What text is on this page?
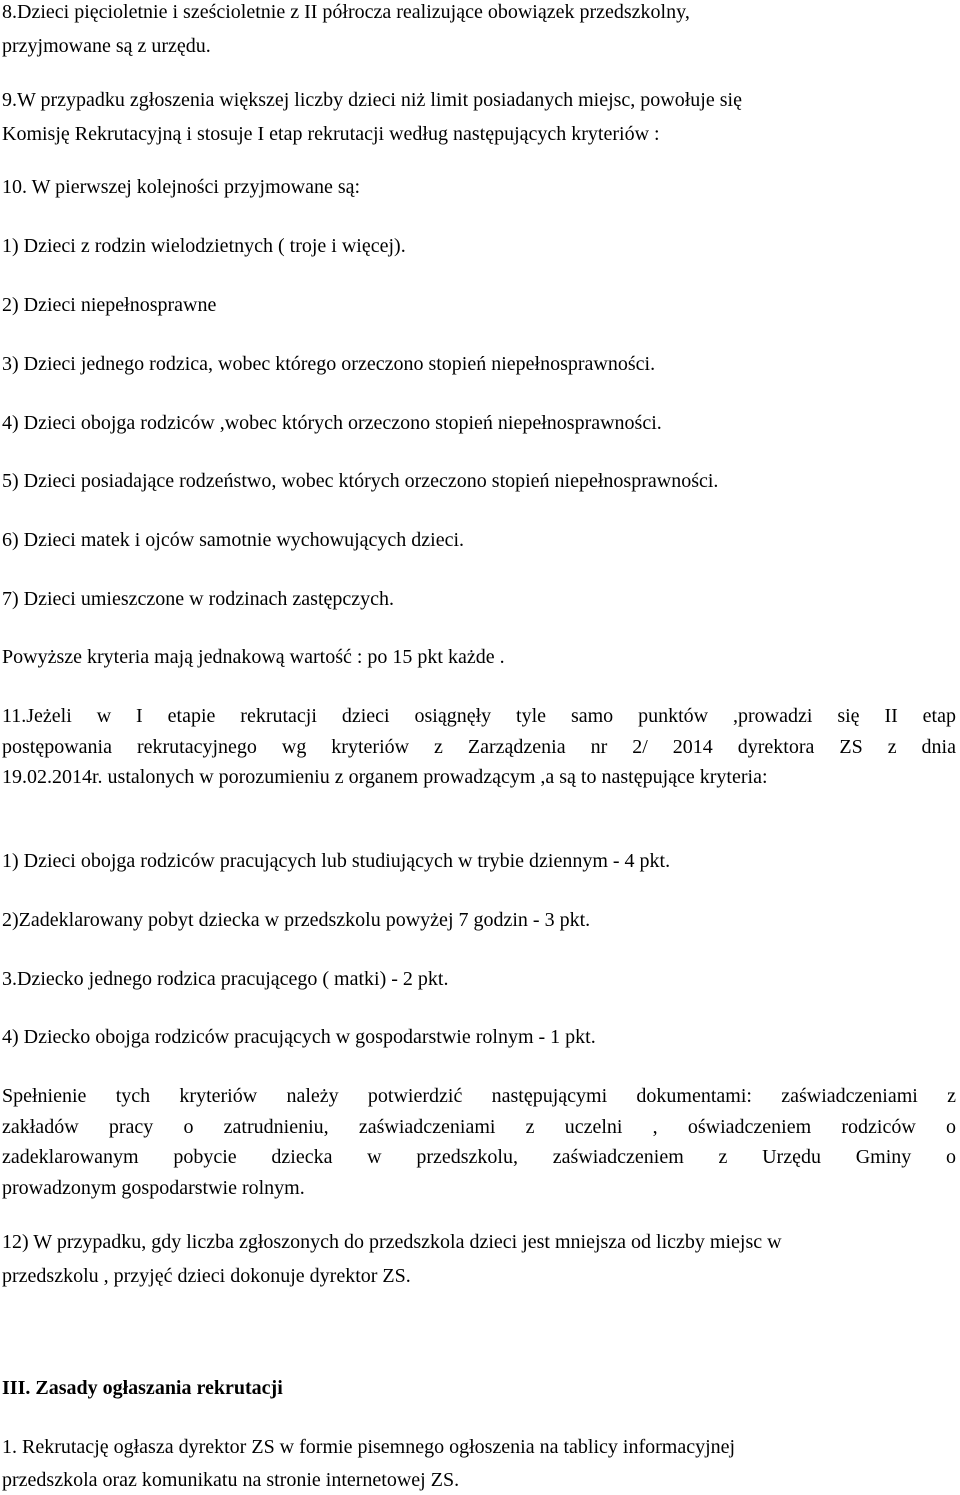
8.Dzieci pięcioletnie i sześcioletnie z II półrocza realizujące obowiązek przedszkolny,

przyjmowane są z urzędu.

9.W przypadku zgłoszenia większej liczby dzieci niż limit posiadanych miejsc, powołuje się

Komisję Rekrutacyjną i stosuje I etap rekrutacji według następujących kryteriów :

10. W pierwszej kolejności przyjmowane są:

1) Dzieci z rodzin wielodzietnych ( troje i więcej).

2) Dzieci niepełnosprawne

3) Dzieci jednego rodzica, wobec którego orzeczono stopień niepełnosprawności.

4) Dzieci obojga rodziców ,wobec których orzeczono stopień niepełnosprawności.

5) Dzieci posiadające rodzeństwo, wobec których orzeczono stopień niepełnosprawności.

6) Dzieci matek i ojców samotnie wychowujących dzieci.

7) Dzieci umieszczone w rodzinach zastępczych.

Powyższe kryteria mają jednakową wartość : po 15 pkt każde .

11.Jeżeli w I etapie rekrutacji dzieci osiągnęły tyle samo punktów ,prowadzi się II etap

postępowania rekrutacyjnego wg kryteriów z Zarządzenia nr 2/ 2014 dyrektora ZS z dnia

19.02.2014r. ustalonych w porozumieniu z organem prowadzącym ,a są to następujące kryteria:

1) Dzieci obojga rodziców pracujących lub studiujących w trybie dziennym - 4 pkt.

2)Zadeklarowany pobyt dziecka w przedszkolu powyżej 7 godzin - 3 pkt.

3.Dziecko jednego rodzica pracującego ( matki) - 2 pkt.

4) Dziecko obojga rodziców pracujących w gospodarstwie rolnym - 1 pkt.

Spełnienie tych kryteriów należy potwierdzić następującymi dokumentami: zaświadczeniami z

zakładów pracy o zatrudnieniu, zaświadczeniami z uczelni , oświadczeniem rodziców o

zadeklarowanym pobycie dziecka w przedszkolu, zaświadczeniem z Urzędu Gminy o

prowadzonym gospodarstwie rolnym.

12) W przypadku, gdy liczba zgłoszonych do przedszkola dzieci jest mniejsza od liczby miejsc w

przedszkolu , przyjęć dzieci dokonuje dyrektor ZS.

III. Zasady ogłaszania rekrutacji

1. Rekrutację ogłasza dyrektor ZS w formie pisemnego ogłoszenia na tablicy informacyjnej

przedszkola oraz komunikatu na stronie internetowej ZS.
